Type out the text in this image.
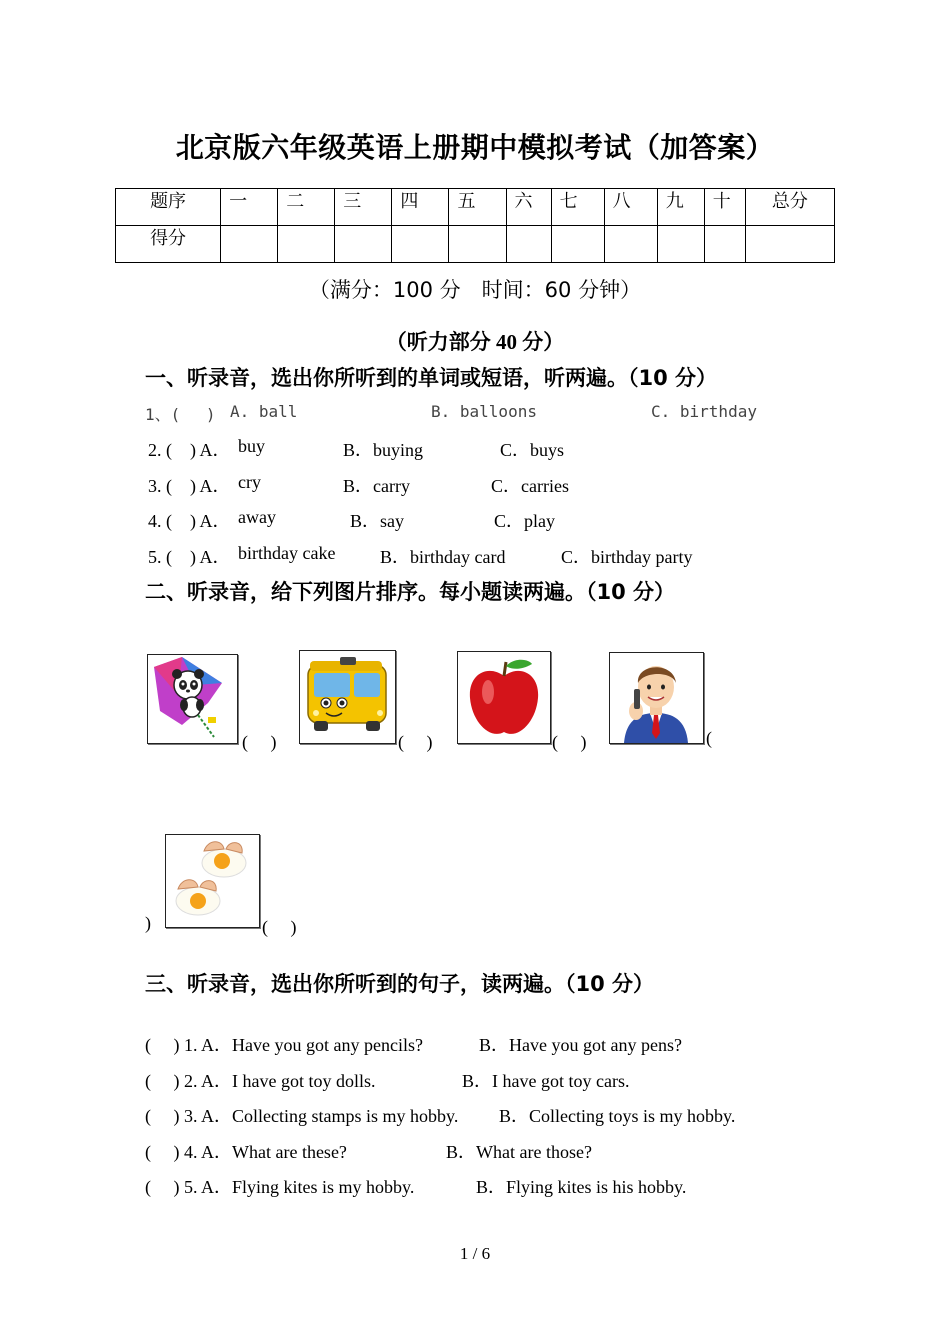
北京版六年级英语上册期中模拟考试（加答案）
题序	一	二	三	四	五	六	七	八	九	十	总分
得分											
（满分：100 分　时间：60 分钟）
（听力部分 40 分）
一、听录音，选出你所听到的单词或短语，听两遍。（10 分）
1、(　 ) A. ball	B. balloons	C. birthday
2. (　) A． buy	B．buying	C．buys
3. (　) A． cry	B．carry	C．carries
4. (　) A． away	B．say	C．play
5. (　) A． birthday cake B．birthday card	C．birthday party
二、听录音，给下列图片排序。每小题读两遍。（10 分）
(　 )	(　 )	(　 )	(
)	(　 )
三、听录音，选出你所听到的句子，读两遍。（10 分）
(　 ) 1. A．Have you got any pencils?	B．Have you got any pens?
(　 ) 2. A．I have got toy dolls.	B．I have got toy cars.
(　 ) 3. A．Collecting stamps is my hobby. B．Collecting toys is my hobby.
(　 ) 4. A．What are these?	B．What are those?
(　 ) 5. A．Flying kites is my hobby.	B．Flying kites is his hobby.
1 / 6
